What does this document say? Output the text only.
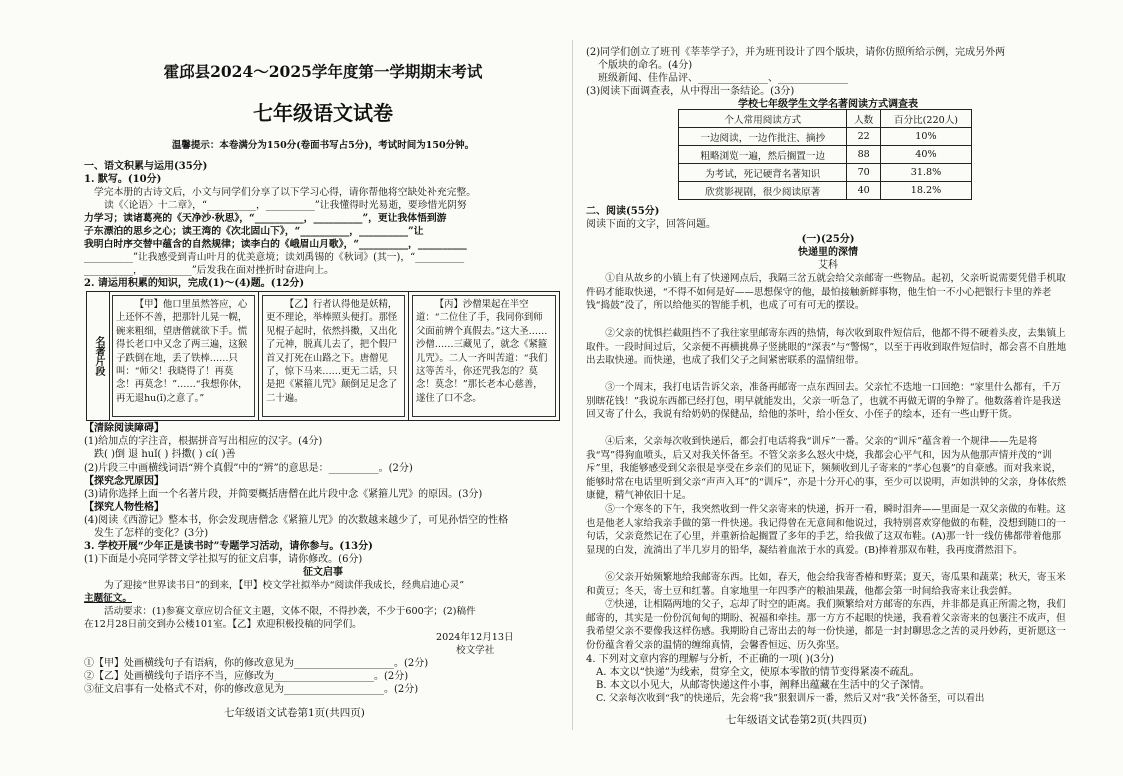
霍邱县2024～2025学年度第一学期期末考试
七年级语文试卷
温馨提示：本卷满分为150分(卷面书写占5分)，考试时间为150分钟。
一、语文积累与运用(35分)
1. 默写。(10分)
学完本册的古诗文后，小文与同学们分享了以下学习心得，请你帮他将空缺处补充完整。
读《〈论语〉十二章》，“__________，__________”让我懂得时光易逝，要珍惜光阴努
力学习；读诸葛亮的《天净沙·秋思》，“__________，__________”，更让我体悟到游
子东漂泊的思乡之心；读王湾的《次北固山下》，“__________，__________”让
我明白时序交替中蕴含的自然规律；读李白的《峨眉山月歌》，“__________，__________
__________”让我感受到青山叶月的优美意境；读刘禹锡的《秋词》(其一)，“__________
__________，__________”后发我在面对挫折时奋进向上。
2. 请运用积累的知识，完成(1)～(4)题。(12分)
名著片段
【甲】他口里虽然答应，心上还怀不善，把那针儿晃一幌，碗来粗细，望唐僧就欲下手。慌得长老口中又念了两三遍，这猴子跌倒在地，丢了铁棒……只叫：“师父！我晓得了！再莫念！再莫念！”……“我想你休，再无退hu(ǐ)之意了。”
【乙】行者认得他是妖精，更不理论，举棒照头便打。那怪见棍子起时，依然抖擞，又出化了元神，脱真儿去了，把个假尸首又打死在山路之下。唐僧见了，惊下马来……更无二话，只是把《紧箍儿咒》颠倒足足念了二十遍。
【丙】沙僧果起在半空道：“二位住了手，我同你到师父面前辨个真假去。”这大圣……沙僧……三藏见了，就念《紧箍儿咒》。二人一齐叫苦道：“我们这等苦斗，你还咒我怎的？莫念！莫念！”那长老本心慈善，遂住了口不念。
【清除阅读障碍】
(1)给加点的字注音，根据拼音写出相应的汉字。(4分)
跌( )倒 退 huǐ( ) 抖擞( ) cí( )善
(2)片段三中画横线词语“辨个真假”中的“辨”的意思是：__________。(2分)
【探究念咒原因】
(3)请你选择上面一个名著片段，并简要概括唐僧在此片段中念《紧箍儿咒》的原因。(3分)
【探究人物性格】
(4)阅读《西游记》整本书，你会发现唐僧念《紧箍儿咒》的次数越来越少了，可见孙悟空的性格
发生了怎样的变化？(3分)
3. 学校开展“少年正是读书时”专题学习活动，请你参与。(13分)
(1)下面是小亮同学替文学社拟写的征文启事，请你修改。(6分)
征文启事
为了迎接“世界读书日”的到来，【甲】校文学社拟举办“阅读伴我成长，经典启迪心灵”
主题征文。
活动要求：(1)参赛文章应切合征文主题，文体不限，不得抄袭，不少于600字；(2)稿件
在12月28日前交到办公楼101室。【乙】欢迎积极投稿的同学们。
2024年12月13日
校文学社
①【甲】处画横线句子有语病，你的修改意见为____________________。(2分)
②【乙】处画横线句子语序不当，应修改为____________________。(2分)
③征文启事有一处格式不对，你的修改意见为____________________。(2分)
七年级语文试卷第1页(共四页)
(2)同学们创立了班刊《莘莘学子》，并为班刊设计了四个版块，请你仿照所给示例，完成另外两
个版块的命名。(4分)
班级新闻、佳作品评、______________、______________
(3)阅读下面调查表，从中得出一条结论。(3分)
学校七年级学生文学名著阅读方式调查表
个人常用阅读方式	人数	百分比(220人)
一边阅读，一边作批注、摘抄	22	10%
粗略浏览一遍，然后搁置一边	88	40%
为考试，死记硬背名著知识	70	31.8%
欣赏影视剧，很少阅读原著	40	18.2%
二、阅读(55分)
阅读下面的文字，回答问题。
(一)(25分)
快递里的深情
艾科
①自从故乡的小镇上有了快递网点后，我隔三岔五就会给父亲邮寄一些物品。起初，父亲听说需要凭借手机取件码才能取快递，“不得不如何是好——思想保守的他，最怕接触新鲜事物，他生怕一不小心把银行卡里的养老钱“捣鼓”没了，所以给他买的智能手机，也成了可有可无的摆设。
②父亲的忧惧拦截阻挡不了我往家里邮寄东西的热情，每次收到取件短信后，他都不得不硬着头皮，去集镇上取件。一段时间过后，父亲便不再横挑鼻子竖挑眼的“深表”与“警惕”，以至于再收到取件短信时，都会喜不自胜地出去取快递。而快递，也成了我们父子之间紧密联系的温情纽带。
③一个周末，我打电话告诉父亲，准备再邮寄一点东西回去。父亲忙不迭地一口回绝：“家里什么都有，千万别瞎花钱！”我说东西都已经打包，明早就能发出，父亲一听急了，也就不再做无谓的争辩了。他数落着许是我送回又寄了什么，我说有给奶奶的保健品，给他的茶叶，给小侄女、小侄子的绘本，还有一些山野干货。
④后来，父亲每次收到快递后，都会打电话将我“训斥”一番。父亲的“训斥”蕴含着一个规律——先是将我“骂”得狗血喷头，后又对我关怀备至。不管父亲多么怒火中烧，我都会心平气和，因为从他那声情并茂的“训斥”里，我能够感受到父亲很是享受在乡亲们的见证下，频频收到儿子寄来的“孝心包裹”的自豪感。而对我来说，能够时常在电话里听到父亲“声声入耳”的“训斥”，亦是十分开心的事，至少可以说明，声如洪钟的父亲，身体依然康健，精气神依旧十足。
⑤一个寒冬的下午，我突然收到一件父亲寄来的快递，拆开一看，瞬时泪奔——里面是一双父亲做的布鞋。这也是他老人家给我亲手做的第一件快递。我记得曾在无意间和他说过，我特别喜欢穿他做的布鞋，没想到随口的一句话，父亲竟然记在了心里，并重新拾起搁置了多年的手艺，给我做了这双布鞋。(A)那一针一线仿佛都带着他那显现的白发，流淌出了半几岁月的铅华，凝结着血浓于水的真爱。(B)捧着那双布鞋，我再度潸然泪下。
⑥父亲开始频繁地给我邮寄东西。比如，春天，他会给我寄香椿和野菜；夏天，寄瓜果和蔬菜；秋天，寄玉米和黄豆；冬天，寄土豆和红薯。自家地里一年四季产的粮油果蔬，他都会第一时间给我寄来让我尝鲜。
⑦快递，让相隔两地的父子，忘却了时空的距离。我们频繁给对方邮寄的东西，并非都是真正所需之物，我们邮寄的，其实是一份份沉甸甸的期盼、祝福和牵挂。那一方方不起眼的快递，我看着父亲寄来的包裹注不成声，但我希望父亲不要像我这样伤感。我期盼自己寄出去的每一份快递，都是一封封聊思念之苦的灵丹妙药，更祈愿这一份份蕴含着父亲的温情的缠绵真情，会馨香恒远、历久弥坚。
4. 下列对文章内容的理解与分析，不正确的一项( )(3分)
A. 本文以“快递”为线索，贯穿全文，使原本零散的情节变得紧凑不疏乱。
B. 本文以小见大，从邮寄快递这件小事，阐释出蕴藏在生活中的父子深情。
C. 父亲每次收到“我”的快递后，先会将“我”狠狠训斥一番，然后又对“我”关怀备至，可以看出
七年级语文试卷第2页(共四页)
